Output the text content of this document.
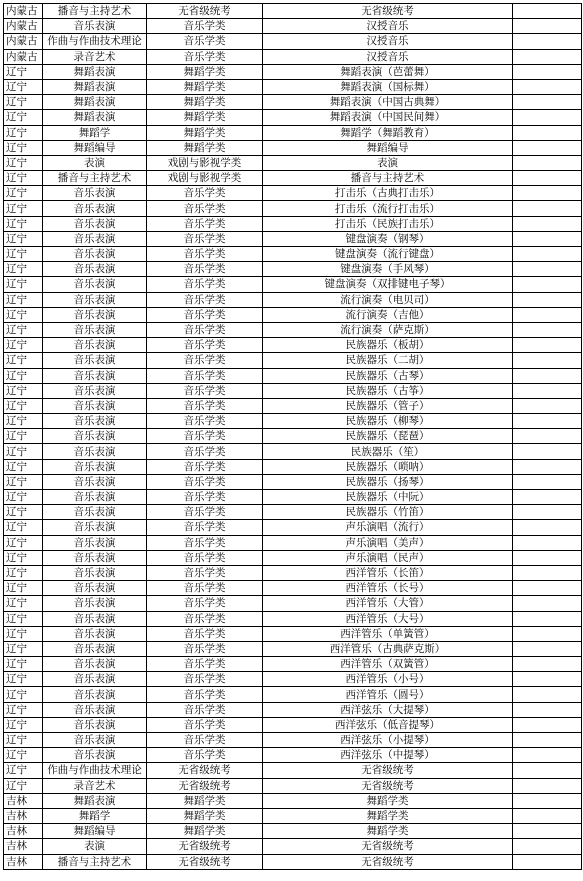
内蒙古	播音与主持艺术	无省级统考	无省级统考	
内蒙古	音乐表演	音乐学类	汉授音乐	
内蒙古	作曲与作曲技术理论	音乐学类	汉授音乐	
内蒙古	录音艺术	音乐学类	汉授音乐	
辽宁	舞蹈表演	舞蹈学类	舞蹈表演（芭蕾舞）	
辽宁	舞蹈表演	舞蹈学类	舞蹈表演（国标舞）	
辽宁	舞蹈表演	舞蹈学类	舞蹈表演（中国古典舞）	
辽宁	舞蹈表演	舞蹈学类	舞蹈表演（中国民间舞）	
辽宁	舞蹈学	舞蹈学类	舞蹈学（舞蹈教育）	
辽宁	舞蹈编导	舞蹈学类	舞蹈编导	
辽宁	表演	戏剧与影视学类	表演	
辽宁	播音与主持艺术	戏剧与影视学类	播音与主持艺术	
辽宁	音乐表演	音乐学类	打击乐（古典打击乐）	
辽宁	音乐表演	音乐学类	打击乐（流行打击乐）	
辽宁	音乐表演	音乐学类	打击乐（民族打击乐）	
辽宁	音乐表演	音乐学类	键盘演奏（钢琴）	
辽宁	音乐表演	音乐学类	键盘演奏（流行键盘）	
辽宁	音乐表演	音乐学类	键盘演奏（手风琴）	
辽宁	音乐表演	音乐学类	键盘演奏（双排键电子琴）	
辽宁	音乐表演	音乐学类	流行演奏（电贝司）	
辽宁	音乐表演	音乐学类	流行演奏（吉他）	
辽宁	音乐表演	音乐学类	流行演奏（萨克斯）	
辽宁	音乐表演	音乐学类	民族器乐（板胡）	
辽宁	音乐表演	音乐学类	民族器乐（二胡）	
辽宁	音乐表演	音乐学类	民族器乐（古琴）	
辽宁	音乐表演	音乐学类	民族器乐（古筝）	
辽宁	音乐表演	音乐学类	民族器乐（管子）	
辽宁	音乐表演	音乐学类	民族器乐（柳琴）	
辽宁	音乐表演	音乐学类	民族器乐（琵琶）	
辽宁	音乐表演	音乐学类	民族器乐（笙）	
辽宁	音乐表演	音乐学类	民族器乐（唢呐）	
辽宁	音乐表演	音乐学类	民族器乐（扬琴）	
辽宁	音乐表演	音乐学类	民族器乐（中阮）	
辽宁	音乐表演	音乐学类	民族器乐（竹笛）	
辽宁	音乐表演	音乐学类	声乐演唱（流行）	
辽宁	音乐表演	音乐学类	声乐演唱（美声）	
辽宁	音乐表演	音乐学类	声乐演唱（民声）	
辽宁	音乐表演	音乐学类	西洋管乐（长笛）	
辽宁	音乐表演	音乐学类	西洋管乐（长号）	
辽宁	音乐表演	音乐学类	西洋管乐（大管）	
辽宁	音乐表演	音乐学类	西洋管乐（大号）	
辽宁	音乐表演	音乐学类	西洋管乐（单簧管）	
辽宁	音乐表演	音乐学类	西洋管乐（古典萨克斯）	
辽宁	音乐表演	音乐学类	西洋管乐（双簧管）	
辽宁	音乐表演	音乐学类	西洋管乐（小号）	
辽宁	音乐表演	音乐学类	西洋管乐（圆号）	
辽宁	音乐表演	音乐学类	西洋弦乐（大提琴）	
辽宁	音乐表演	音乐学类	西洋弦乐（低音提琴）	
辽宁	音乐表演	音乐学类	西洋弦乐（小提琴）	
辽宁	音乐表演	音乐学类	西洋弦乐（中提琴）	
辽宁	作曲与作曲技术理论	无省级统考	无省级统考	
辽宁	录音艺术	无省级统考	无省级统考	
吉林	舞蹈表演	舞蹈学类	舞蹈学类	
吉林	舞蹈学	舞蹈学类	舞蹈学类	
吉林	舞蹈编导	舞蹈学类	舞蹈学类	
吉林	表演	无省级统考	无省级统考	
吉林	播音与主持艺术	无省级统考	无省级统考	
